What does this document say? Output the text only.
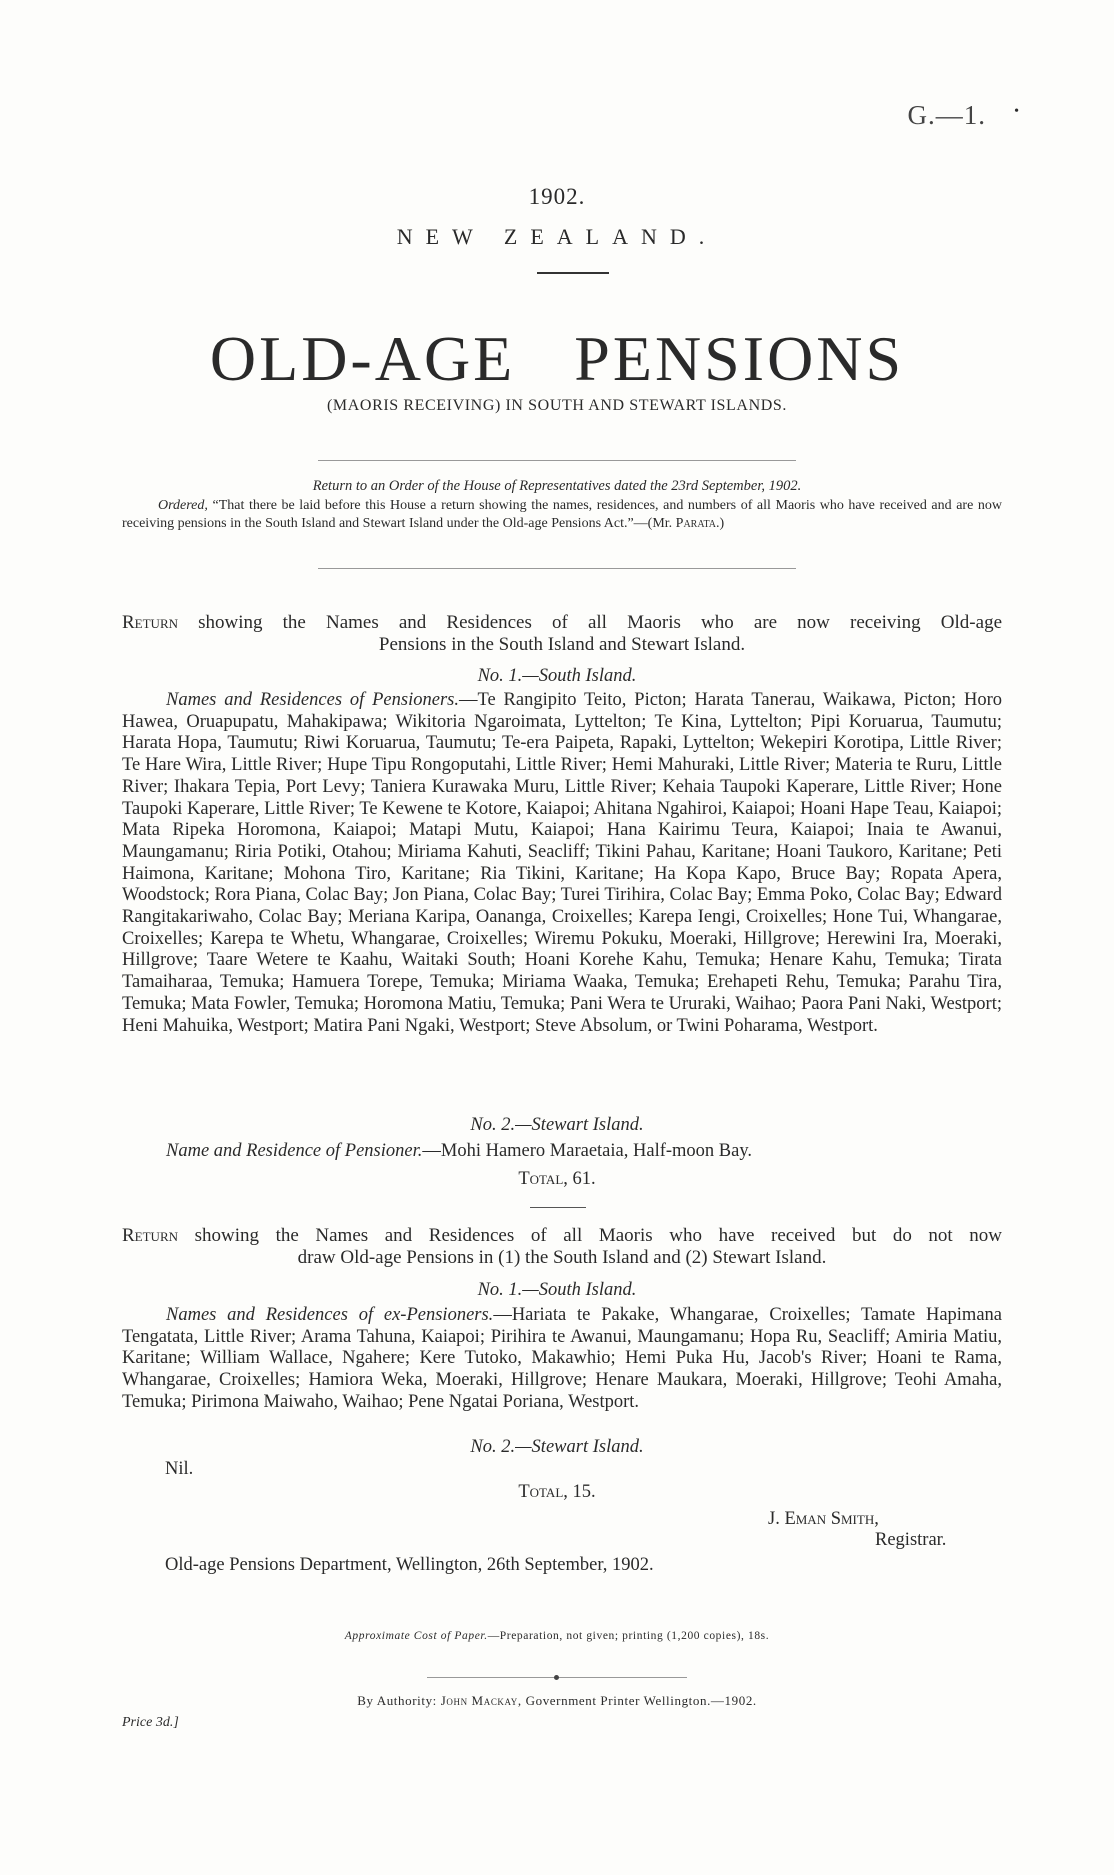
G.—1. •
1902.
NEW ZEALAND.
OLD-AGE PENSIONS
(MAORIS RECEIVING) IN SOUTH AND STEWART ISLANDS.
Return to an Order of the House of Representatives dated the 23rd September, 1902.
Ordered, “That there be laid before this House a return showing the names, residences, and numbers of all Maoris who have received and are now receiving pensions in the South Island and Stewart Island under the Old-age Pensions Act.”—(Mr. Parata.)
Return showing the Names and Residences of all Maoris who are now receiving Old-age
Pensions in the South Island and Stewart Island.
No. 1.—South Island.
Names and Residences of Pensioners.—Te Rangipito Teito, Picton; Harata Tanerau, Waikawa, Picton; Horo Hawea, Oruapupatu, Mahakipawa; Wikitoria Ngaroimata, Lyttelton; Te Kina, Lyttelton; Pipi Koruarua, Taumutu; Harata Hopa, Taumutu; Riwi Koruarua, Taumutu; Te-era Paipeta, Rapaki, Lyttelton; Wekepiri Korotipa, Little River; Te Hare Wira, Little River; Hupe Tipu Rongoputahi, Little River; Hemi Mahuraki, Little River; Materia te Ruru, Little River; Ihakara Tepia, Port Levy; Taniera Kurawaka Muru, Little River; Kehaia Taupoki Kaperare, Little River; Hone Taupoki Kaperare, Little River; Te Kewene te Kotore, Kaiapoi; Ahitana Ngahiroi, Kaiapoi; Hoani Hape Teau, Kaiapoi; Mata Ripeka Horomona, Kaiapoi; Matapi Mutu, Kaiapoi; Hana Kairimu Teura, Kaiapoi; Inaia te Awanui, Maungamanu; Riria Potiki, Otahou; Miriama Kahuti, Seacliff; Tikini Pahau, Karitane; Hoani Taukoro, Karitane; Peti Haimona, Karitane; Mohona Tiro, Karitane; Ria Tikini, Karitane; Ha Kopa Kapo, Bruce Bay; Ropata Apera, Woodstock; Rora Piana, Colac Bay; Jon Piana, Colac Bay; Turei Tirihira, Colac Bay; Emma Poko, Colac Bay; Edward Rangitakariwaho, Colac Bay; Meriana Karipa, Oananga, Croixelles; Karepa Iengi, Croixelles; Hone Tui, Whangarae, Croixelles; Karepa te Whetu, Whangarae, Croixelles; Wiremu Pokuku, Moeraki, Hillgrove; Herewini Ira, Moeraki, Hillgrove; Taare Wetere te Kaahu, Waitaki South; Hoani Korehe Kahu, Temuka; Henare Kahu, Temuka; Tirata Tamaiharaa, Temuka; Hamuera Torepe, Temuka; Miriama Waaka, Temuka; Erehapeti Rehu, Temuka; Parahu Tira, Temuka; Mata Fowler, Temuka; Horomona Matiu, Temuka; Pani Wera te Ururaki, Waihao; Paora Pani Naki, Westport; Heni Mahuika, Westport; Matira Pani Ngaki, Westport; Steve Absolum, or Twini Poharama, Westport.
No. 2.—Stewart Island.
Name and Residence of Pensioner.—Mohi Hamero Maraetaia, Half-moon Bay.
Total, 61.
Return showing the Names and Residences of all Maoris who have received but do not now
draw Old-age Pensions in (1) the South Island and (2) Stewart Island.
No. 1.—South Island.
Names and Residences of ex-Pensioners.—Hariata te Pakake, Whangarae, Croixelles; Tamate Hapimana Tengatata, Little River; Arama Tahuna, Kaiapoi; Pirihira te Awanui, Maungamanu; Hopa Ru, Seacliff; Amiria Matiu, Karitane; William Wallace, Ngahere; Kere Tutoko, Makawhio; Hemi Puka Hu, Jacob's River; Hoani te Rama, Whangarae, Croixelles; Hamiora Weka, Moeraki, Hillgrove; Henare Maukara, Moeraki, Hillgrove; Teohi Amaha, Temuka; Pirimona Maiwaho, Waihao; Pene Ngatai Poriana, Westport.
No. 2.—Stewart Island.
Nil.
Total, 15.
J. Eman Smith,
Registrar.
Old-age Pensions Department, Wellington, 26th September, 1902.
Approximate Cost of Paper.—Preparation, not given; printing (1,200 copies), 18s.
By Authority: John Mackay, Government Printer Wellington.—1902.
Price 3d.]
